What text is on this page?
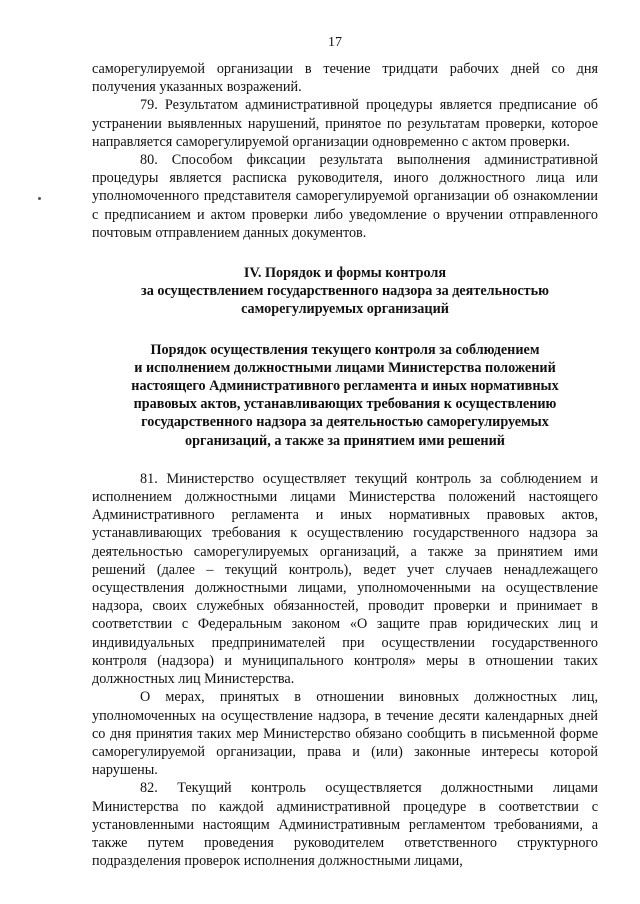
17

саморегулируемой организации в течение тридцати рабочих дней со дня получения указанных возражений.

79. Результатом административной процедуры является предписание об устранении выявленных нарушений, принятое по результатам проверки, которое направляется саморегулируемой организации одновременно с актом проверки.

80. Способом фиксации результата выполнения административной процедуры является расписка руководителя, иного должностного лица или уполномоченного представителя саморегулируемой организации об ознакомлении с предписанием и актом проверки либо уведомление о вручении отправленного почтовым отправлением данных документов.

IV. Порядок и формы контроля
за осуществлением государственного надзора за деятельностью
саморегулируемых организаций
Порядок осуществления текущего контроля за соблюдением
и исполнением должностными лицами Министерства положений
настоящего Административного регламента и иных нормативных
правовых актов, устанавливающих требования к осуществлению
государственного надзора за деятельностью саморегулируемых
организаций, а также за принятием ими решений

81. Министерство осуществляет текущий контроль за соблюдением и исполнением должностными лицами Министерства положений настоящего Административного регламента и иных нормативных правовых актов, устанавливающих требования к осуществлению государственного надзора за деятельностью саморегулируемых организаций, а также за принятием ими решений (далее – текущий контроль), ведет учет случаев ненадлежащего осуществления должностными лицами, уполномоченными на осуществление надзора, своих служебных обязанностей, проводит проверки и принимает в соответствии с Федеральным законом «О защите прав юридических лиц и индивидуальных предпринимателей при осуществлении государственного контроля (надзора) и муниципального контроля» меры в отношении таких должностных лиц Министерства.

О мерах, принятых в отношении виновных должностных лиц, уполномоченных на осуществление надзора, в течение десяти календарных дней со дня принятия таких мер Министерство обязано сообщить в письменной форме саморегулируемой организации, права и (или) законные интересы которой нарушены.

82. Текущий контроль осуществляется должностными лицами Министерства по каждой административной процедуре в соответствии с установленными настоящим Административным регламентом требованиями, а также путем проведения руководителем ответственного структурного подразделения проверок исполнения должностными лицами,
